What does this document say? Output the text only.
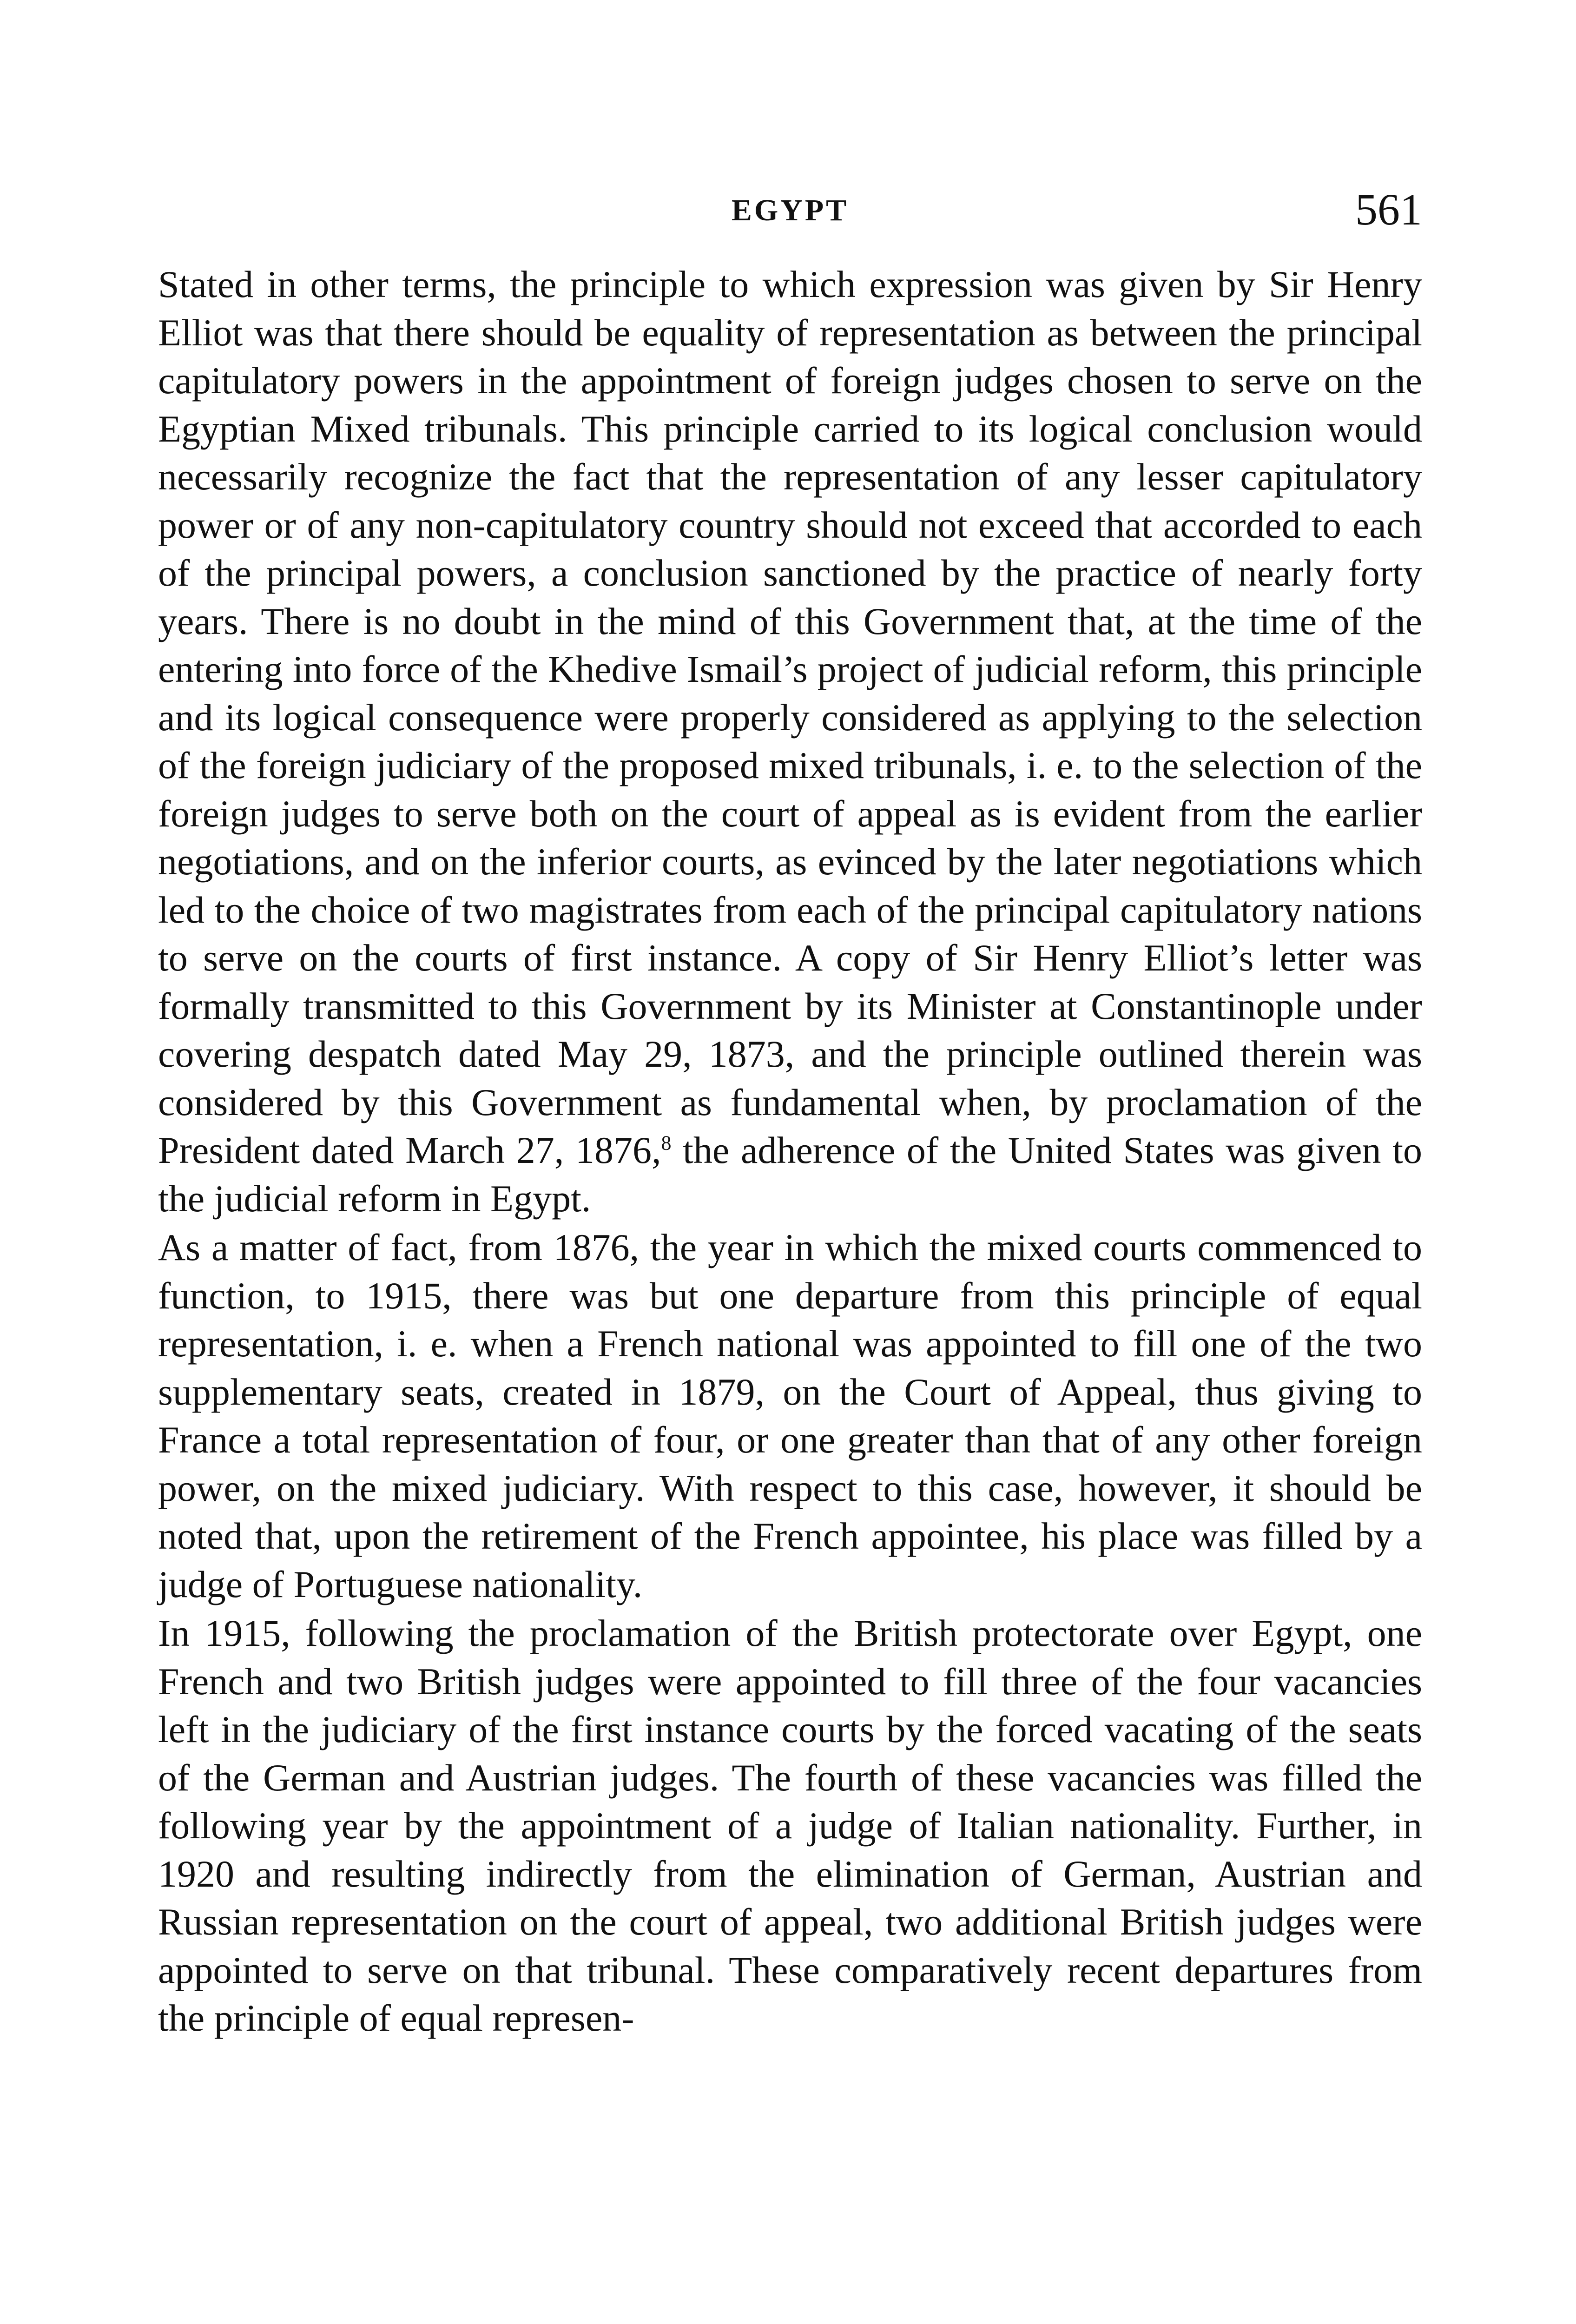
EGYPT	561

Stated in other terms, the principle to which expression was given by Sir Henry Elliot was that there should be equality of representation as between the principal capitulatory powers in the appointment of foreign judges chosen to serve on the Egyptian Mixed tribunals. This principle carried to its logical conclusion would necessarily recognize the fact that the representation of any lesser capitulatory power or of any non-capitulatory country should not exceed that accorded to each of the principal powers, a conclusion sanctioned by the practice of nearly forty years. There is no doubt in the mind of this Government that, at the time of the entering into force of the Khedive Ismail’s project of judicial reform, this principle and its logical consequence were properly considered as applying to the selection of the foreign judiciary of the proposed mixed tribunals, i. e. to the selection of the foreign judges to serve both on the court of appeal as is evident from the earlier negotiations, and on the inferior courts, as evinced by the later negotiations which led to the choice of two magistrates from each of the principal capitulatory nations to serve on the courts of first instance. A copy of Sir Henry Elliot’s letter was formally transmitted to this Government by its Minister at Constantinople under covering despatch dated May 29, 1873, and the principle outlined therein was considered by this Government as fundamental when, by proclamation of the President dated March 27, 1876,$^8$ the adherence of the United States was given to the judicial reform in Egypt.

As a matter of fact, from 1876, the year in which the mixed courts commenced to function, to 1915, there was but one departure from this principle of equal representation, i. e. when a French national was appointed to fill one of the two supplementary seats, created in 1879, on the Court of Appeal, thus giving to France a total representation of four, or one greater than that of any other foreign power, on the mixed judiciary. With respect to this case, however, it should be noted that, upon the retirement of the French appointee, his place was filled by a judge of Portuguese nationality.

In 1915, following the proclamation of the British protectorate over Egypt, one French and two British judges were appointed to fill three of the four vacancies left in the judiciary of the first instance courts by the forced vacating of the seats of the German and Austrian judges. The fourth of these vacancies was filled the following year by the appointment of a judge of Italian nationality. Further, in 1920 and resulting indirectly from the elimination of German, Austrian and Russian representation on the court of appeal, two additional British judges were appointed to serve on that tribunal. These comparatively recent departures from the principle of equal represen-
